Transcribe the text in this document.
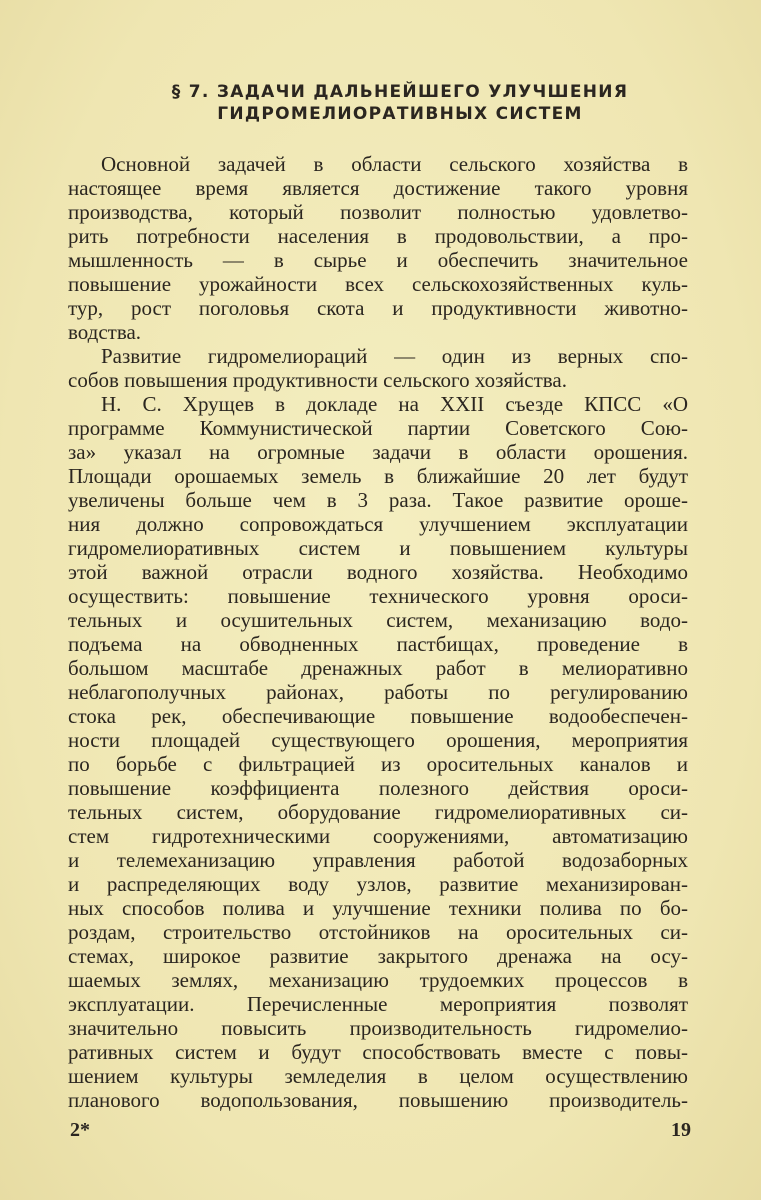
§ 7. ЗАДАЧИ ДАЛЬНЕЙШЕГО УЛУЧШЕНИЯ
ГИДРОМЕЛИОРАТИВНЫХ СИСТЕМ
Основной задачей в области сельского хозяйства в
настоящее время является достижение такого уровня
производства, который позволит полностью удовлетво-
рить потребности населения в продовольствии, а про-
мышленность — в сырье и обеспечить значительное
повышение урожайности всех сельскохозяйственных куль-
тур, рост поголовья скота и продуктивности животно-
водства.
Развитие гидромелиораций — один из верных спо-
собов повышения продуктивности сельского хозяйства.
Н. С. Хрущев в докладе на XXII съезде КПСС «О
программе Коммунистической партии Советского Сою-
за» указал на огромные задачи в области орошения.
Площади орошаемых земель в ближайшие 20 лет будут
увеличены больше чем в 3 раза. Такое развитие ороше-
ния должно сопровождаться улучшением эксплуатации
гидромелиоративных систем и повышением культуры
этой важной отрасли водного хозяйства. Необходимо
осуществить: повышение технического уровня ороси-
тельных и осушительных систем, механизацию водо-
подъема на обводненных пастбищах, проведение в
большом масштабе дренажных работ в мелиоративно
неблагополучных районах, работы по регулированию
стока рек, обеспечивающие повышение водообеспечен-
ности площадей существующего орошения, мероприятия
по борьбе с фильтрацией из оросительных каналов и
повышение коэффициента полезного действия ороси-
тельных систем, оборудование гидромелиоративных си-
стем гидротехническими сооружениями, автоматизацию
и телемеханизацию управления работой водозаборных
и распределяющих воду узлов, развитие механизирован-
ных способов полива и улучшение техники полива по бо-
роздам, строительство отстойников на оросительных си-
стемах, широкое развитие закрытого дренажа на осу-
шаемых землях, механизацию трудоемких процессов в
эксплуатации. Перечисленные мероприятия позволят
значительно повысить производительность гидромелио-
ративных систем и будут способствовать вместе с повы-
шением культуры земледелия в целом осуществлению
планового водопользования, повышению производитель-
2*	19
